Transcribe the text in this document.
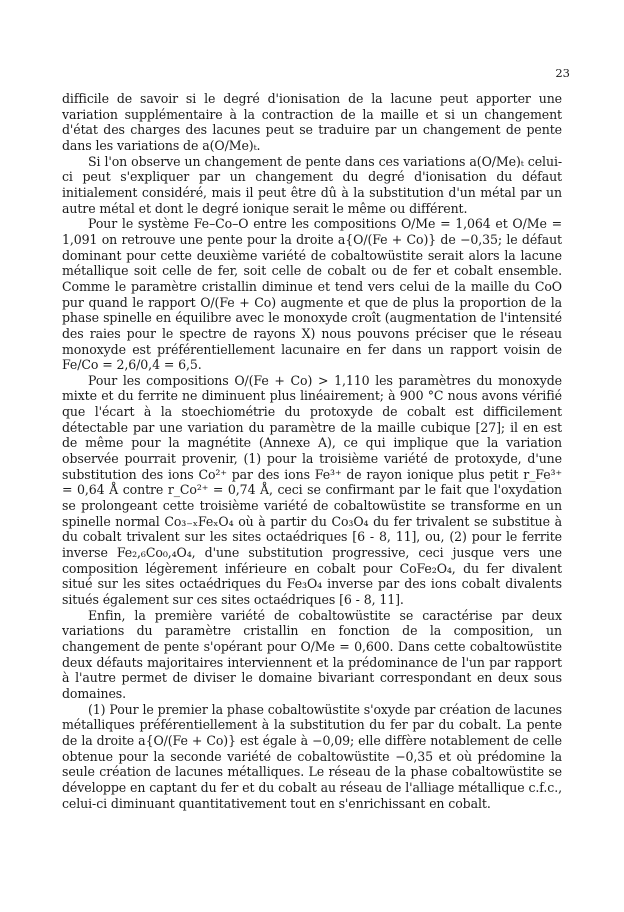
23

difficile de savoir si le degré d'ionisation de la lacune peut apporter une variation supplémentaire à la contraction de la maille et si un changement d'état des charges des lacunes peut se traduire par un changement de pente dans les variations de a(O/Me)ₜ.

Si l'on observe un changement de pente dans ces variations a(O/Me)ₜ celui-ci peut s'expliquer par un changement du degré d'ionisation du défaut initialement considéré, mais il peut être dû à la substitution d'un métal par un autre métal et dont le degré ionique serait le même ou différent.

Pour le système Fe–Co–O entre les compositions O/Me = 1,064 et O/Me = 1,091 on retrouve une pente pour la droite a{O/(Fe + Co)} de −0,35; le défaut dominant pour cette deuxième variété de cobaltowüstite serait alors la lacune métallique soit celle de fer, soit celle de cobalt ou de fer et cobalt ensemble. Comme le paramètre cristallin diminue et tend vers celui de la maille du CoO pur quand le rapport O/(Fe + Co) augmente et que de plus la proportion de la phase spinelle en équilibre avec le monoxyde croît (augmentation de l'intensité des raies pour le spectre de rayons X) nous pouvons préciser que le réseau monoxyde est préférentiellement lacunaire en fer dans un rapport voisin de Fe/Co = 2,6/0,4 = 6,5.

Pour les compositions O/(Fe + Co) > 1,110 les paramètres du monoxyde mixte et du ferrite ne diminuent plus linéairement; à 900 °C nous avons vérifié que l'écart à la stoechiométrie du protoxyde de cobalt est difficilement détectable par une variation du paramètre de la maille cubique [27]; il en est de même pour la magnétite (Annexe A), ce qui implique que la variation observée pourrait provenir, (1) pour la troisième variété de protoxyde, d'une substitution des ions Co²⁺ par des ions Fe³⁺ de rayon ionique plus petit r_Fe³⁺ = 0,64 Å contre r_Co²⁺ = 0,74 Å, ceci se confirmant par le fait que l'oxydation se prolongeant cette troisième variété de cobaltowüstite se transforme en un spinelle normal Co₃₋ₓFeₓO₄ où à partir du Co₃O₄ du fer trivalent se substitue à du cobalt trivalent sur les sites octaédriques [6 - 8, 11], ou, (2) pour le ferrite inverse Fe₂,₆Co₀,₄O₄, d'une substitution progressive, ceci jusque vers une composition légèrement inférieure en cobalt pour CoFe₂O₄, du fer divalent situé sur les sites octaédriques du Fe₃O₄ inverse par des ions cobalt divalents situés également sur ces sites octaédriques [6 - 8, 11].

Enfin, la première variété de cobaltowüstite se caractérise par deux variations du paramètre cristallin en fonction de la composition, un changement de pente s'opérant pour O/Me = 0,600. Dans cette cobaltowüstite deux défauts majoritaires interviennent et la prédominance de l'un par rapport à l'autre permet de diviser le domaine bivariant correspondant en deux sous domaines.

(1) Pour le premier la phase cobaltowüstite s'oxyde par création de lacunes métalliques préférentiellement à la substitution du fer par du cobalt. La pente de la droite a{O/(Fe + Co)} est égale à −0,09; elle diffère notablement de celle obtenue pour la seconde variété de cobaltowüstite −0,35 et où prédomine la seule création de lacunes métalliques. Le réseau de la phase cobaltowüstite se développe en captant du fer et du cobalt au réseau de l'alliage métallique c.f.c., celui-ci diminuant quantitativement tout en s'enrichissant en cobalt.
